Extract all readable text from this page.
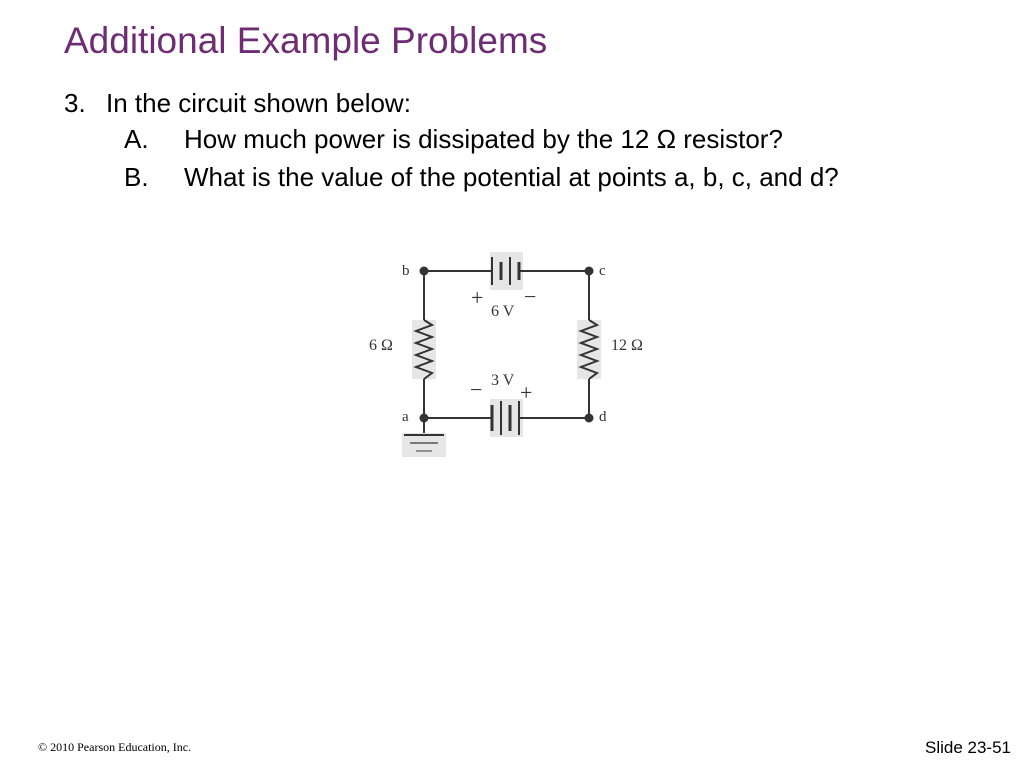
Additional Example Problems
3. In the circuit shown below:
A. How much power is dissipated by the 12 Ω resistor?
B. What is the value of the potential at points a, b, c, and d?
b	c
a	d
+ −
6 V
− +
3 V
6 Ω	12 Ω
© 2010 Pearson Education, Inc.	Slide 23-51
